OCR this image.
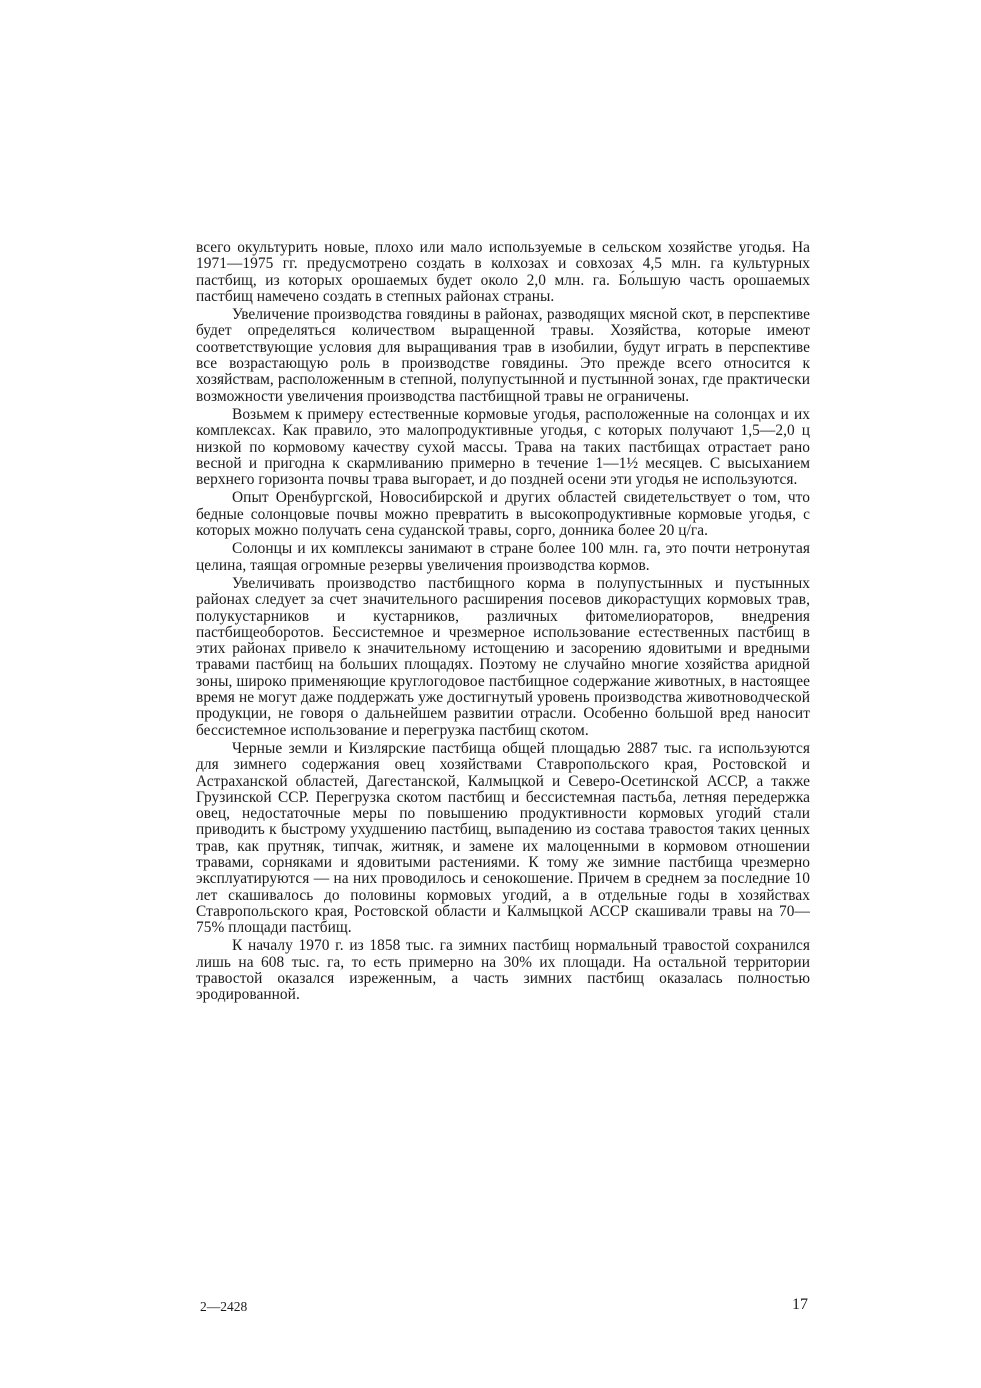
всего окультурить новые, плохо или мало используемые в сельском хозяйстве угодья. На 1971—1975 гг. предусмотрено создать в колхозах и совхозах 4,5 млн. га культурных пастбищ, из которых орошаемых будет около 2,0 млн. га. Бо́льшую часть орошаемых пастбищ намечено создать в степных районах страны.

Увеличение производства говядины в районах, разводящих мясной скот, в перспективе будет определяться количеством выращенной травы. Хозяйства, которые имеют соответствующие условия для выращивания трав в изобилии, будут играть в перспективе все возрастающую роль в производстве говядины. Это прежде всего относится к хозяйствам, расположенным в степной, полупустынной и пустынной зонах, где практически возможности увеличения производства пастбищной травы не ограничены.

Возьмем к примеру естественные кормовые угодья, расположенные на солонцах и их комплексах. Как правило, это малопродуктивные угодья, с которых получают 1,5—2,0 ц низкой по кормовому качеству сухой массы. Трава на таких пастбищах отрастает рано весной и пригодна к скармливанию примерно в течение 1—1½ месяцев. С высыханием верхнего горизонта почвы трава выгорает, и до поздней осени эти угодья не используются.

Опыт Оренбургской, Новосибирской и других областей свидетельствует о том, что бедные солонцовые почвы можно превратить в высокопродуктивные кормовые угодья, с которых можно получать сена суданской травы, сорго, донника более 20 ц/га.

Солонцы и их комплексы занимают в стране более 100 млн. га, это почти нетронутая целина, таящая огромные резервы увеличения производства кормов.

Увеличивать производство пастбищного корма в полупустынных и пустынных районах следует за счет значительного расширения посевов дикорастущих кормовых трав, полукустарников и кустарников, различных фитомелиораторов, внедрения пастбищеоборотов. Бессистемное и чрезмерное использование естественных пастбищ в этих районах привело к значительному истощению и засорению ядовитыми и вредными травами пастбищ на больших площадях. Поэтому не случайно многие хозяйства аридной зоны, широко применяющие круглогодовое пастбищное содержание животных, в настоящее время не могут даже поддержать уже достигнутый уровень производства животноводческой продукции, не говоря о дальнейшем развитии отрасли. Особенно большой вред наносит бессистемное использование и перегрузка пастбищ скотом.

Черные земли и Кизлярские пастбища общей площадью 2887 тыс. га используются для зимнего содержания овец хозяйствами Ставропольского края, Ростовской и Астраханской областей, Дагестанской, Калмыцкой и Северо-Осетинской АССР, а также Грузинской ССР. Перегрузка скотом пастбищ и бессистемная пастьба, летняя передержка овец, недостаточные меры по повышению продуктивности кормовых угодий стали приводить к быстрому ухудшению пастбищ, выпадению из состава травостоя таких ценных трав, как прутняк, типчак, житняк, и замене их малоценными в кормовом отношении травами, сорняками и ядовитыми растениями. К тому же зимние пастбища чрезмерно эксплуатируются — на них проводилось и сенокошение. Причем в среднем за последние 10 лет скашивалось до половины кормовых угодий, а в отдельные годы в хозяйствах Ставропольского края, Ростовской области и Калмыцкой АССР скашивали травы на 70—75% площади пастбищ.

К началу 1970 г. из 1858 тыс. га зимних пастбищ нормальный травостой сохранился лишь на 608 тыс. га, то есть примерно на 30% их площади. На остальной территории травостой оказался изреженным, а часть зимних пастбищ оказалась полностью эродированной.

2—2428	17
